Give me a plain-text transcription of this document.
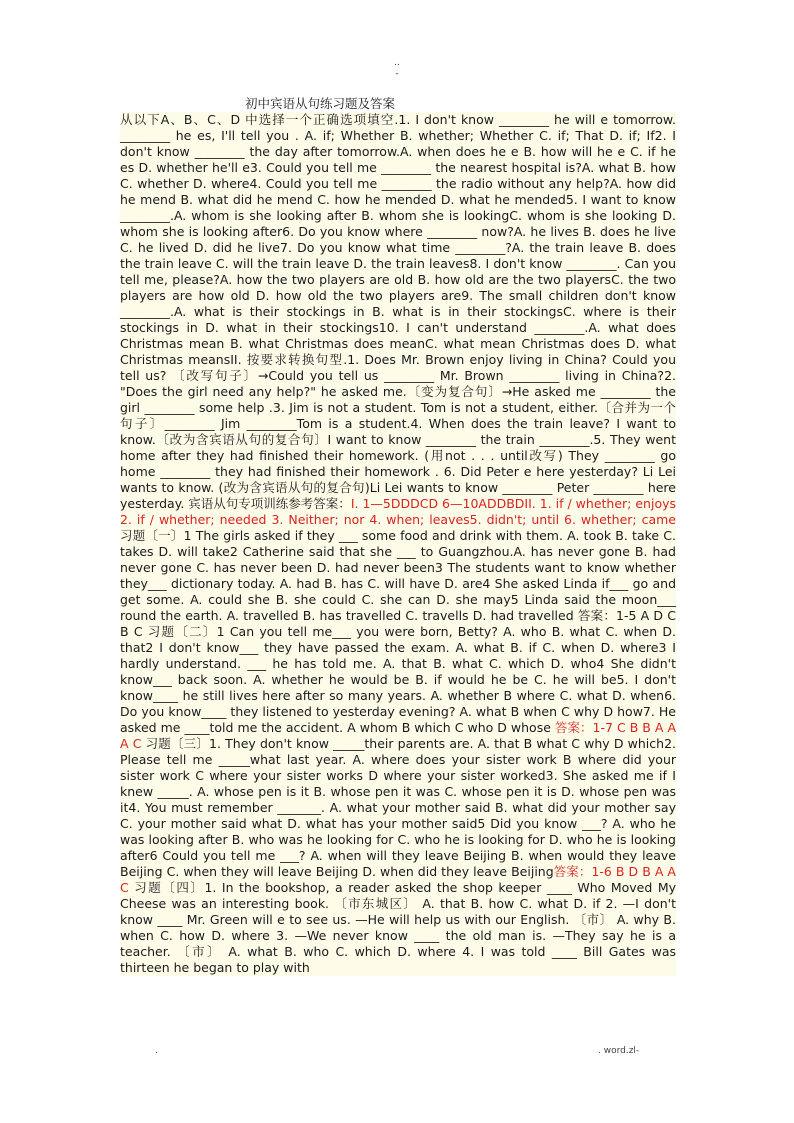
..
-
初中宾语从句练习题及答案

从以下A、B、C、D 中选择一个正确选项填空.1. I don't know ________ he will e tomorrow. ________ he es, I'll tell you . A. if; Whether B. whether; Whether C. if; That D. if; If2. I don't know ________ the day after tomorrow.A. when does he e B. how will he e C. if he es D. whether he'll e3. Could you tell me ________ the nearest hospital is?A. what B. how C. whether D. where4. Could you tell me ________ the radio without any help?A. how did he mend B. what did he mend C. how he mended D. what he mended5. I want to know ________.A. whom is she looking after B. whom she is lookingC. whom is she looking D. whom she is looking after6. Do you know where ________ now?A. he lives B. does he live C. he lived D. did he live7. Do you know what time ________?A. the train leave B. does the train leave C. will the train leave D. the train leaves8. I don't know ________. Can you tell me, please?A. how the two players are old B. how old are the two playersC. the two players are how old D. how old the two players are9. The small children don't know ________.A. what is their stockings in B. what is in their stockingsC. where is their stockings in D. what in their stockings10. I can't understand ________.A. what does Christmas mean B. what Christmas does meanC. what mean Christmas does D. what Christmas meansII. 按要求转换句型.1. Does Mr. Brown enjoy living in China? Could you tell us? 〔改写句子〕→Could you tell us ________ Mr. Brown ________ living in China?2. "Does the girl need any help?" he asked me.〔变为复合句〕→He asked me ________ the girl ________ some help .3. Jim is not a student. Tom is not a student, either.〔合并为一个句子〕________ Jim ________Tom is a student.4. When does the train leave? I want to know.〔改为含宾语从句的复合句〕I want to know ________ the train ________.5. They went home after they had finished their homework. (用not . . . until改写) They ________ go home ________ they had finished their homework . 6. Did Peter e here yesterday? Li Lei wants to know. (改为含宾语从句的复合句)Li Lei wants to know ________ Peter ________ here yesterday. 宾语从句专项训练参考答案：I. 1—5DDDCD 6—10ADDBDII. 1. if / whether; enjoys 2. if / whether; needed 3. Neither; nor 4. when; leaves5. didn't; until 6. whether; came 习题〔一〕1 The girls asked if they ___ some food and drink with them. A. took B. take C. takes D. will take2 Catherine said that she ___ to Guangzhou.A. has never gone B. had never gone C. has never been D. had never been3 The students want to know whether they___ dictionary today. A. had B. has C. will have D. are4 She asked Linda if___ go and get some. A. could she B. she could C. she can D. she may5 Linda said the moon___ round the earth. A. travelled B. has travelled C. travells D. had travelled 答案：1-5 A D C B C 习题〔二〕1 Can you tell me___ you were born, Betty? A. who B. what C. when D. that2 I don't know___ they have passed the exam. A. what B. if C. when D. where3 I hardly understand. ___ he has told me. A. that B. what C. which D. who4 She didn't know___ back soon. A. whether he would be B. if would he be C. he will be5. I don't know____ he still lives here after so many years. A. whether B where C. what D. when6. Do you know____ they listened to yesterday evening? A. what B when C why D how7. He asked me ____told me the accident. A whom B which C who D whose 答案：1-7 C B B A A A C 习题〔三〕1. They don't know _____their parents are. A. that B what C why D which2. Please tell me _____what last year. A. where does your sister work B where did your sister work C where your sister works D where your sister worked3. She asked me if I knew _____. A. whose pen is it B. whose pen it was C. whose pen it is D. whose pen was it4. You must remember _______. A. what your mother said B. what did your mother say C. your mother said what D. what has your mother said5 Did you know ___? A. who he was looking after B. who was he looking for C. who he is looking for D. who he is looking after6 Could you tell me ___? A. when will they leave Beijing B. when would they leave Beijing C. when they will leave Beijing D. when did they leave Beijing答案：1-6 B D B A A C 习题〔四〕1. In the bookshop, a reader asked the shop keeper ____ Who Moved My Cheese was an interesting book. 〔市东城区〕 A. that B. how C. what D. if 2. —I don't know ____ Mr. Green will e to see us. —He will help us with our English. 〔市〕 A. why B. when C. how D. where 3. —We never know ____ the old man is. —They say he is a teacher. 〔市〕 A. what B. who C. which D. where 4. I was told ____ Bill Gates was thirteen he began to play with

.	. word.zl-
